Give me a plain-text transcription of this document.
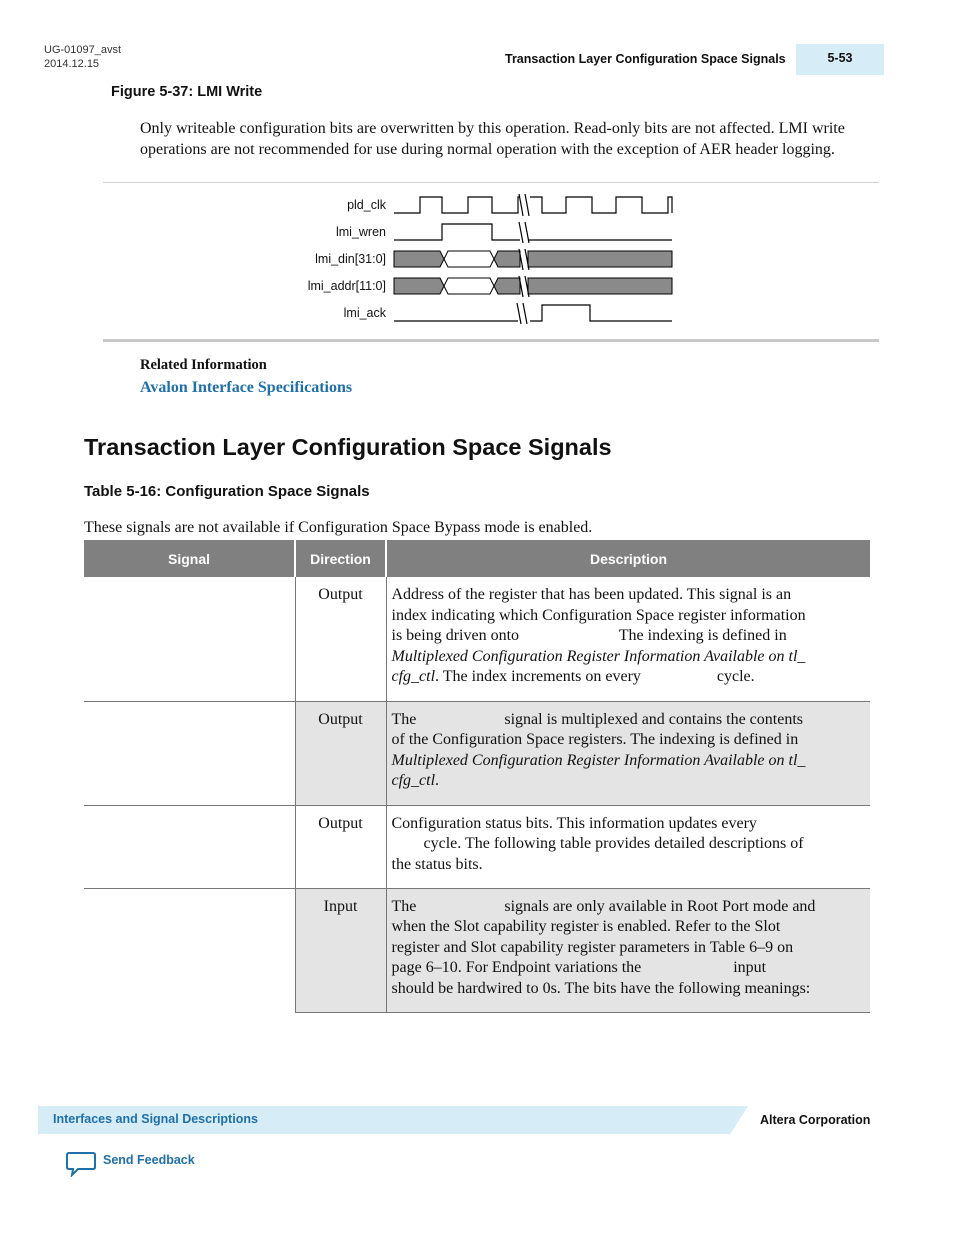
UG-01097_avst
2014.12.15	Transaction Layer Configuration Space Signals	5-53
Figure 5-37: LMI Write
Only writeable configuration bits are overwritten by this operation. Read-only bits are not affected. LMI write operations are not recommended for use during normal operation with the exception of AER header logging.
pld_clk
lmi_wren
lmi_din[31:0]
lmi_addr[11:0]
lmi_ack
Related Information
Avalon Interface Specifications
Transaction Layer Configuration Space Signals
Table 5-16: Configuration Space Signals
These signals are not available if Configuration Space Bypass mode is enabled.
Signal	Direction	Description
	Output	Address of the register that has been updated. This signal is an
index indicating which Configuration Space register information
is being driven onto                         The indexing is defined in
Multiplexed Configuration Register Information Available on tl_
cfg_ctl. The index increments on every                   cycle.

	Output	The                      signal is multiplexed and contains the contents
of the Configuration Space registers. The indexing is defined in
Multiplexed Configuration Register Information Available on tl_
cfg_ctl.

	Output	Configuration status bits. This information updates every
cycle. The following table provides detailed descriptions of
the status bits.

	Input	The                      signals are only available in Root Port mode and
when the Slot capability register is enabled. Refer to the Slot
register and Slot capability register parameters in Table 6–9 on
page 6–10. For Endpoint variations the                       input
should be hardwired to 0s. The bits have the following meanings:
Interfaces and Signal Descriptions	Altera Corporation
Send Feedback
